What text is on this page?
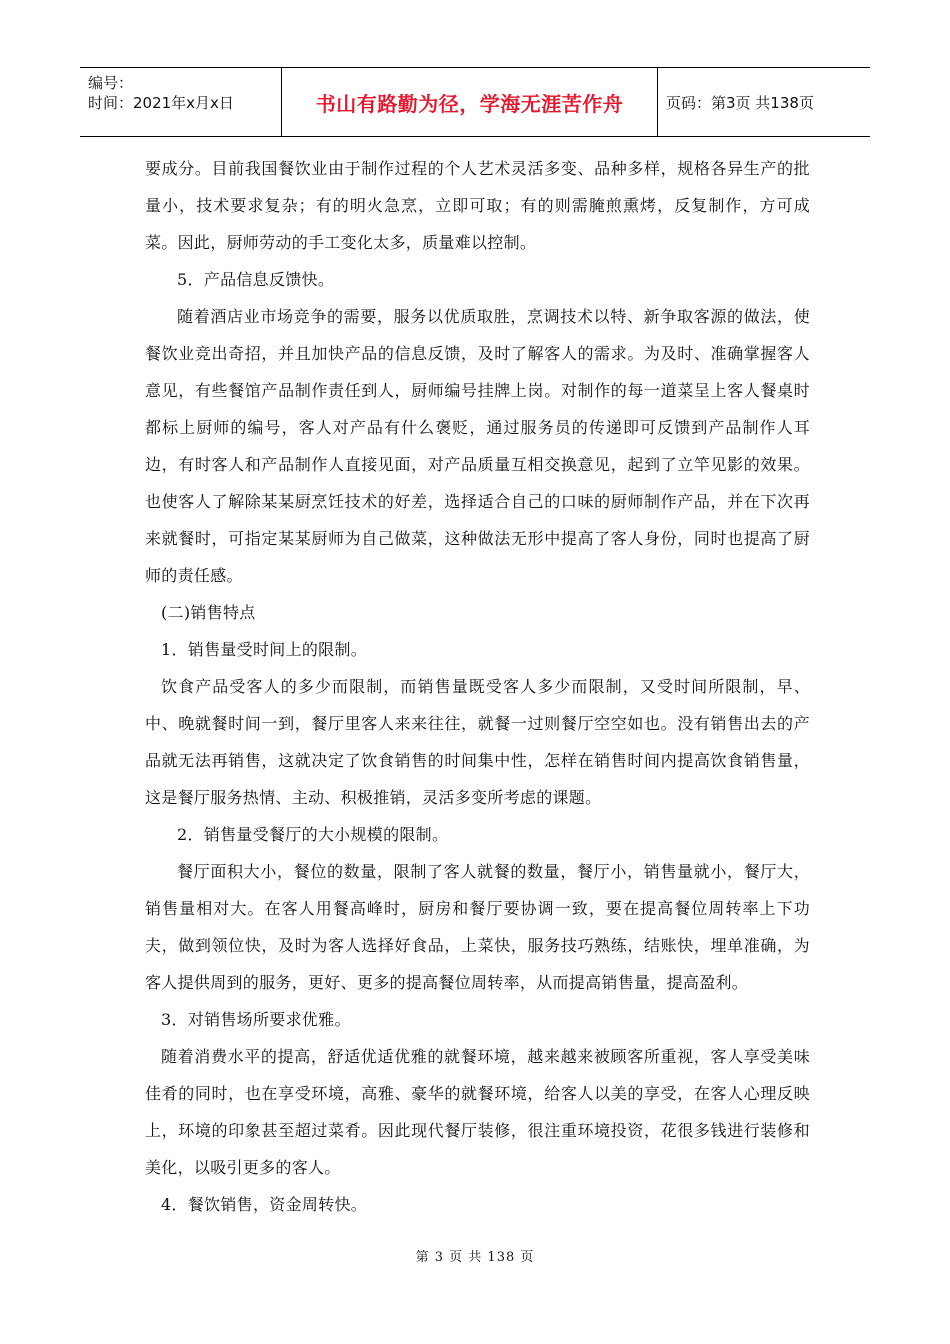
编号：
时间：2021年x月x日	书山有路勤为径，学海无涯苦作舟	页码：第3页 共138页

要成分。目前我国餐饮业由于制作过程的个人艺术灵活多变、品种多样，规格各异生产的批量小，技术要求复杂；有的明火急烹，立即可取；有的则需腌煎熏烤，反复制作，方可成菜。因此，厨师劳动的手工变化太多，质量难以控制。

5．产品信息反馈快。

随着酒店业市场竞争的需要，服务以优质取胜，烹调技术以特、新争取客源的做法，使餐饮业竞出奇招，并且加快产品的信息反馈，及时了解客人的需求。为及时、准确掌握客人意见，有些餐馆产品制作责任到人，厨师编号挂牌上岗。对制作的每一道菜呈上客人餐桌时都标上厨师的编号，客人对产品有什么褒贬，通过服务员的传递即可反馈到产品制作人耳边，有时客人和产品制作人直接见面，对产品质量互相交换意见，起到了立竿见影的效果。也使客人了解除某某厨烹饪技术的好差，选择适合自己的口味的厨师制作产品，并在下次再来就餐时，可指定某某厨师为自己做菜，这种做法无形中提高了客人身份，同时也提高了厨师的责任感。

(二)销售特点

1．销售量受时间上的限制。

饮食产品受客人的多少而限制，而销售量既受客人多少而限制，又受时间所限制，早、中、晚就餐时间一到，餐厅里客人来来往往，就餐一过则餐厅空空如也。没有销售出去的产品就无法再销售，这就决定了饮食销售的时间集中性，怎样在销售时间内提高饮食销售量，这是餐厅服务热情、主动、积极推销，灵活多变所考虑的课题。

2．销售量受餐厅的大小规模的限制。

餐厅面积大小，餐位的数量，限制了客人就餐的数量，餐厅小，销售量就小，餐厅大，销售量相对大。在客人用餐高峰时，厨房和餐厅要协调一致，要在提高餐位周转率上下功夫，做到领位快，及时为客人选择好食品，上菜快，服务技巧熟练，结账快，埋单准确，为客人提供周到的服务，更好、更多的提高餐位周转率，从而提高销售量，提高盈利。

3．对销售场所要求优雅。

随着消费水平的提高，舒适优适优雅的就餐环境，越来越来被顾客所重视，客人享受美味佳肴的同时，也在享受环境，高雅、豪华的就餐环境，给客人以美的享受，在客人心理反映上，环境的印象甚至超过菜肴。因此现代餐厅装修，很注重环境投资，花很多钱进行装修和美化，以吸引更多的客人。

4．餐饮销售，资金周转快。

第 3 页 共 138 页
